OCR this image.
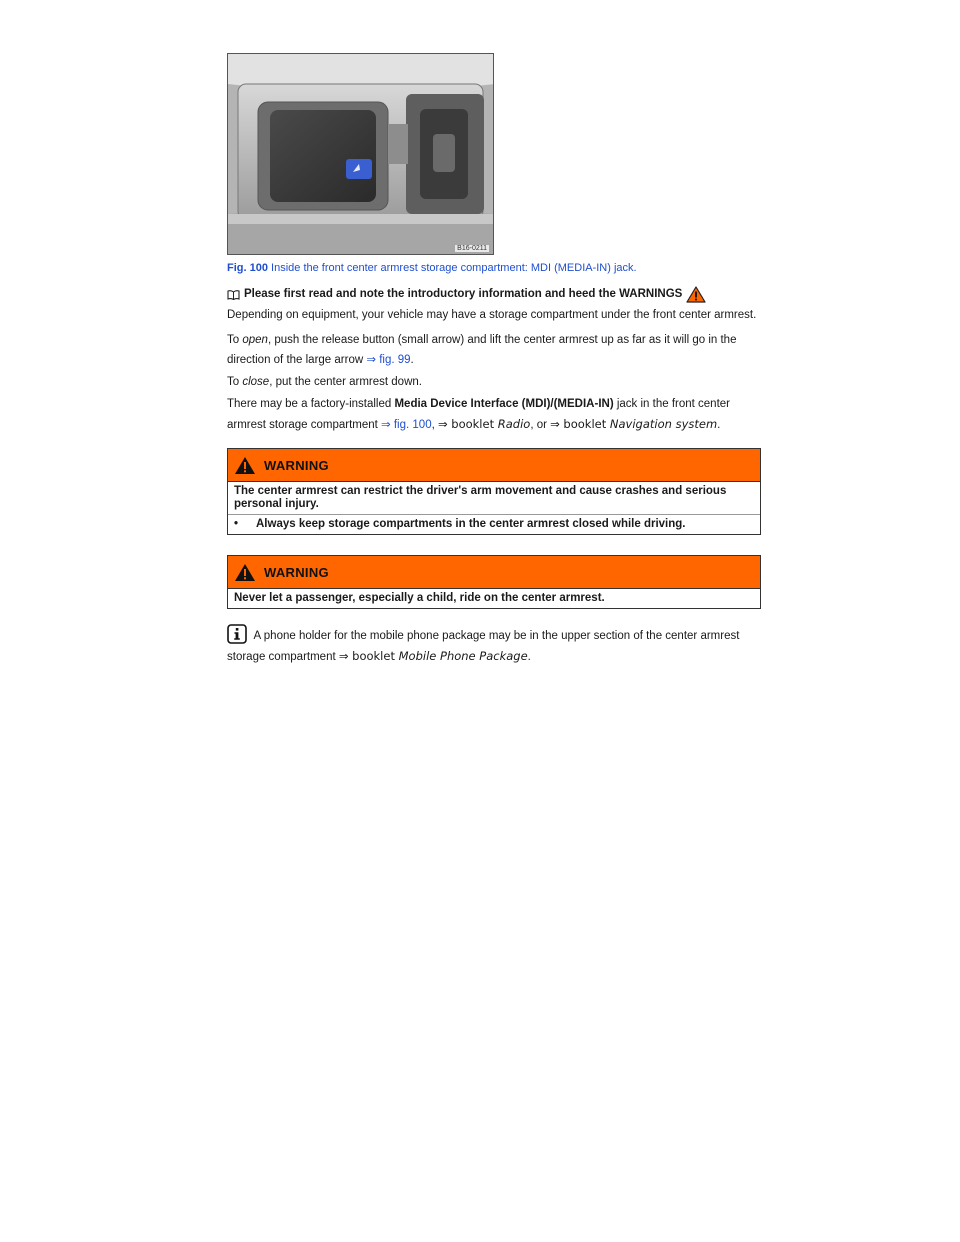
B16-0211
Fig. 100 Inside the front center armrest storage compartment: MDI (MEDIA-IN) jack.
Please first read and note the introductory information and heed the WARNINGS

Depending on equipment, your vehicle may have a storage compartment under the front center armrest.

To open, push the release button (small arrow) and lift the center armrest up as far as it will go in the direction of the large arrow ⇒ fig. 99.

To close, put the center armrest down.

There may be a factory-installed Media Device Interface (MDI)/(MEDIA-IN) jack in the front center armrest storage compartment ⇒ fig. 100, ⇒ booklet Radio, or ⇒ booklet Navigation system.

WARNING
The center armrest can restrict the driver's arm movement and cause crashes and serious personal injury.
•	Always keep storage compartments in the center armrest closed while driving.
WARNING
Never let a passenger, especially a child, ride on the center armrest.
A phone holder for the mobile phone package may be in the upper section of the center armrest storage compartment ⇒ booklet Mobile Phone Package.
